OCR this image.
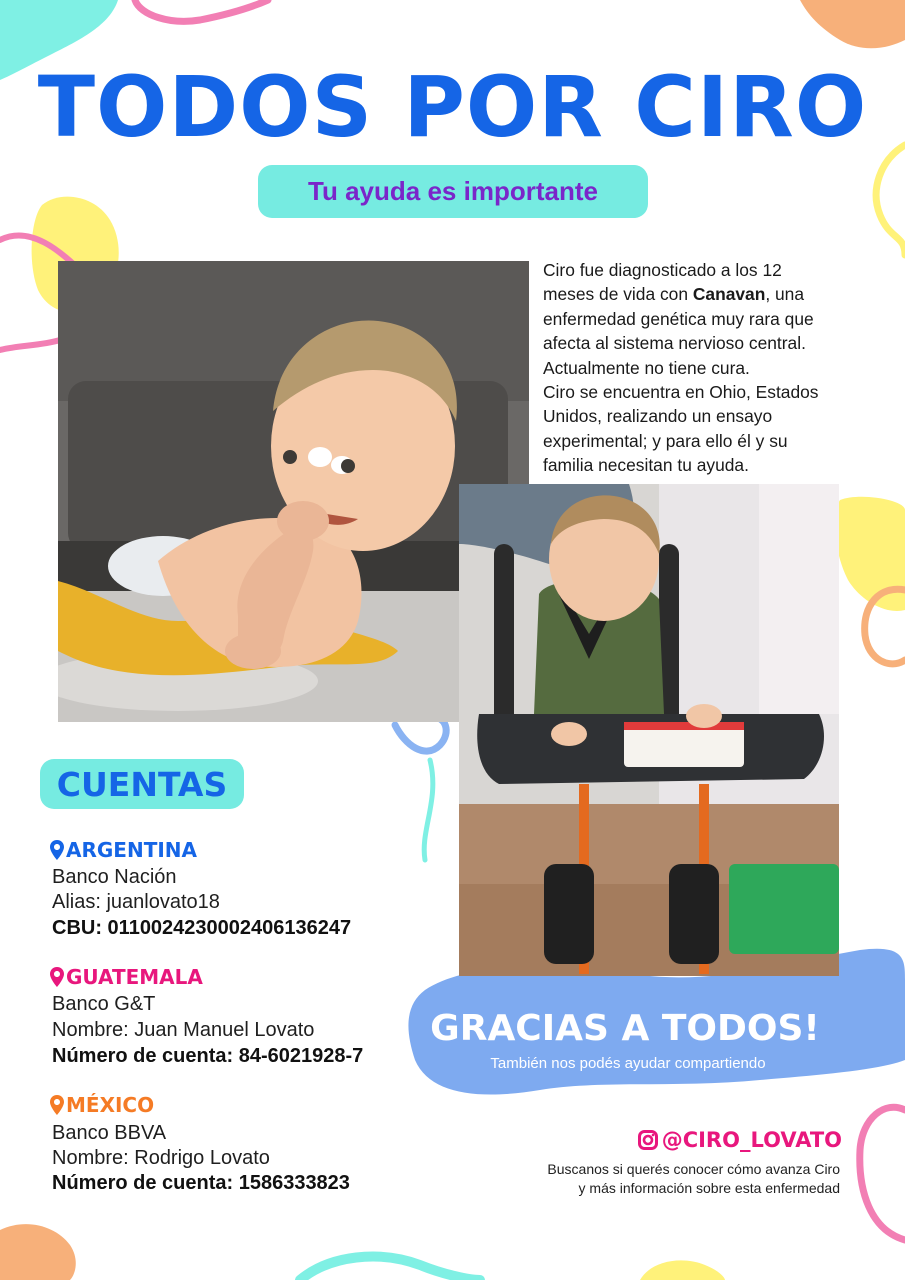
TODOS POR CIRO
Tu ayuda es importante
Ciro fue diagnosticado a los 12
meses de vida con Canavan, una
enfermedad genética muy rara que
afecta al sistema nervioso central.
Actualmente no tiene cura.
Ciro se encuentra en Ohio, Estados
Unidos, realizando un ensayo
experimental; y para ello él y su
familia necesitan tu ayuda.
CUENTAS
ARGENTINA
Banco Nación
Alias: juanlovato18
CBU: 0110024230002406136247
GUATEMALA
Banco G&T
Nombre: Juan Manuel Lovato
Número de cuenta: 84-6021928-7
MÉXICO
Banco BBVA
Nombre: Rodrigo Lovato
Número de cuenta: 1586333823
GRACIAS A TODOS!
También nos podés ayudar compartiendo
@CIRO_LOVATO
Buscanos si querés conocer cómo avanza Ciro
y más información sobre esta enfermedad
